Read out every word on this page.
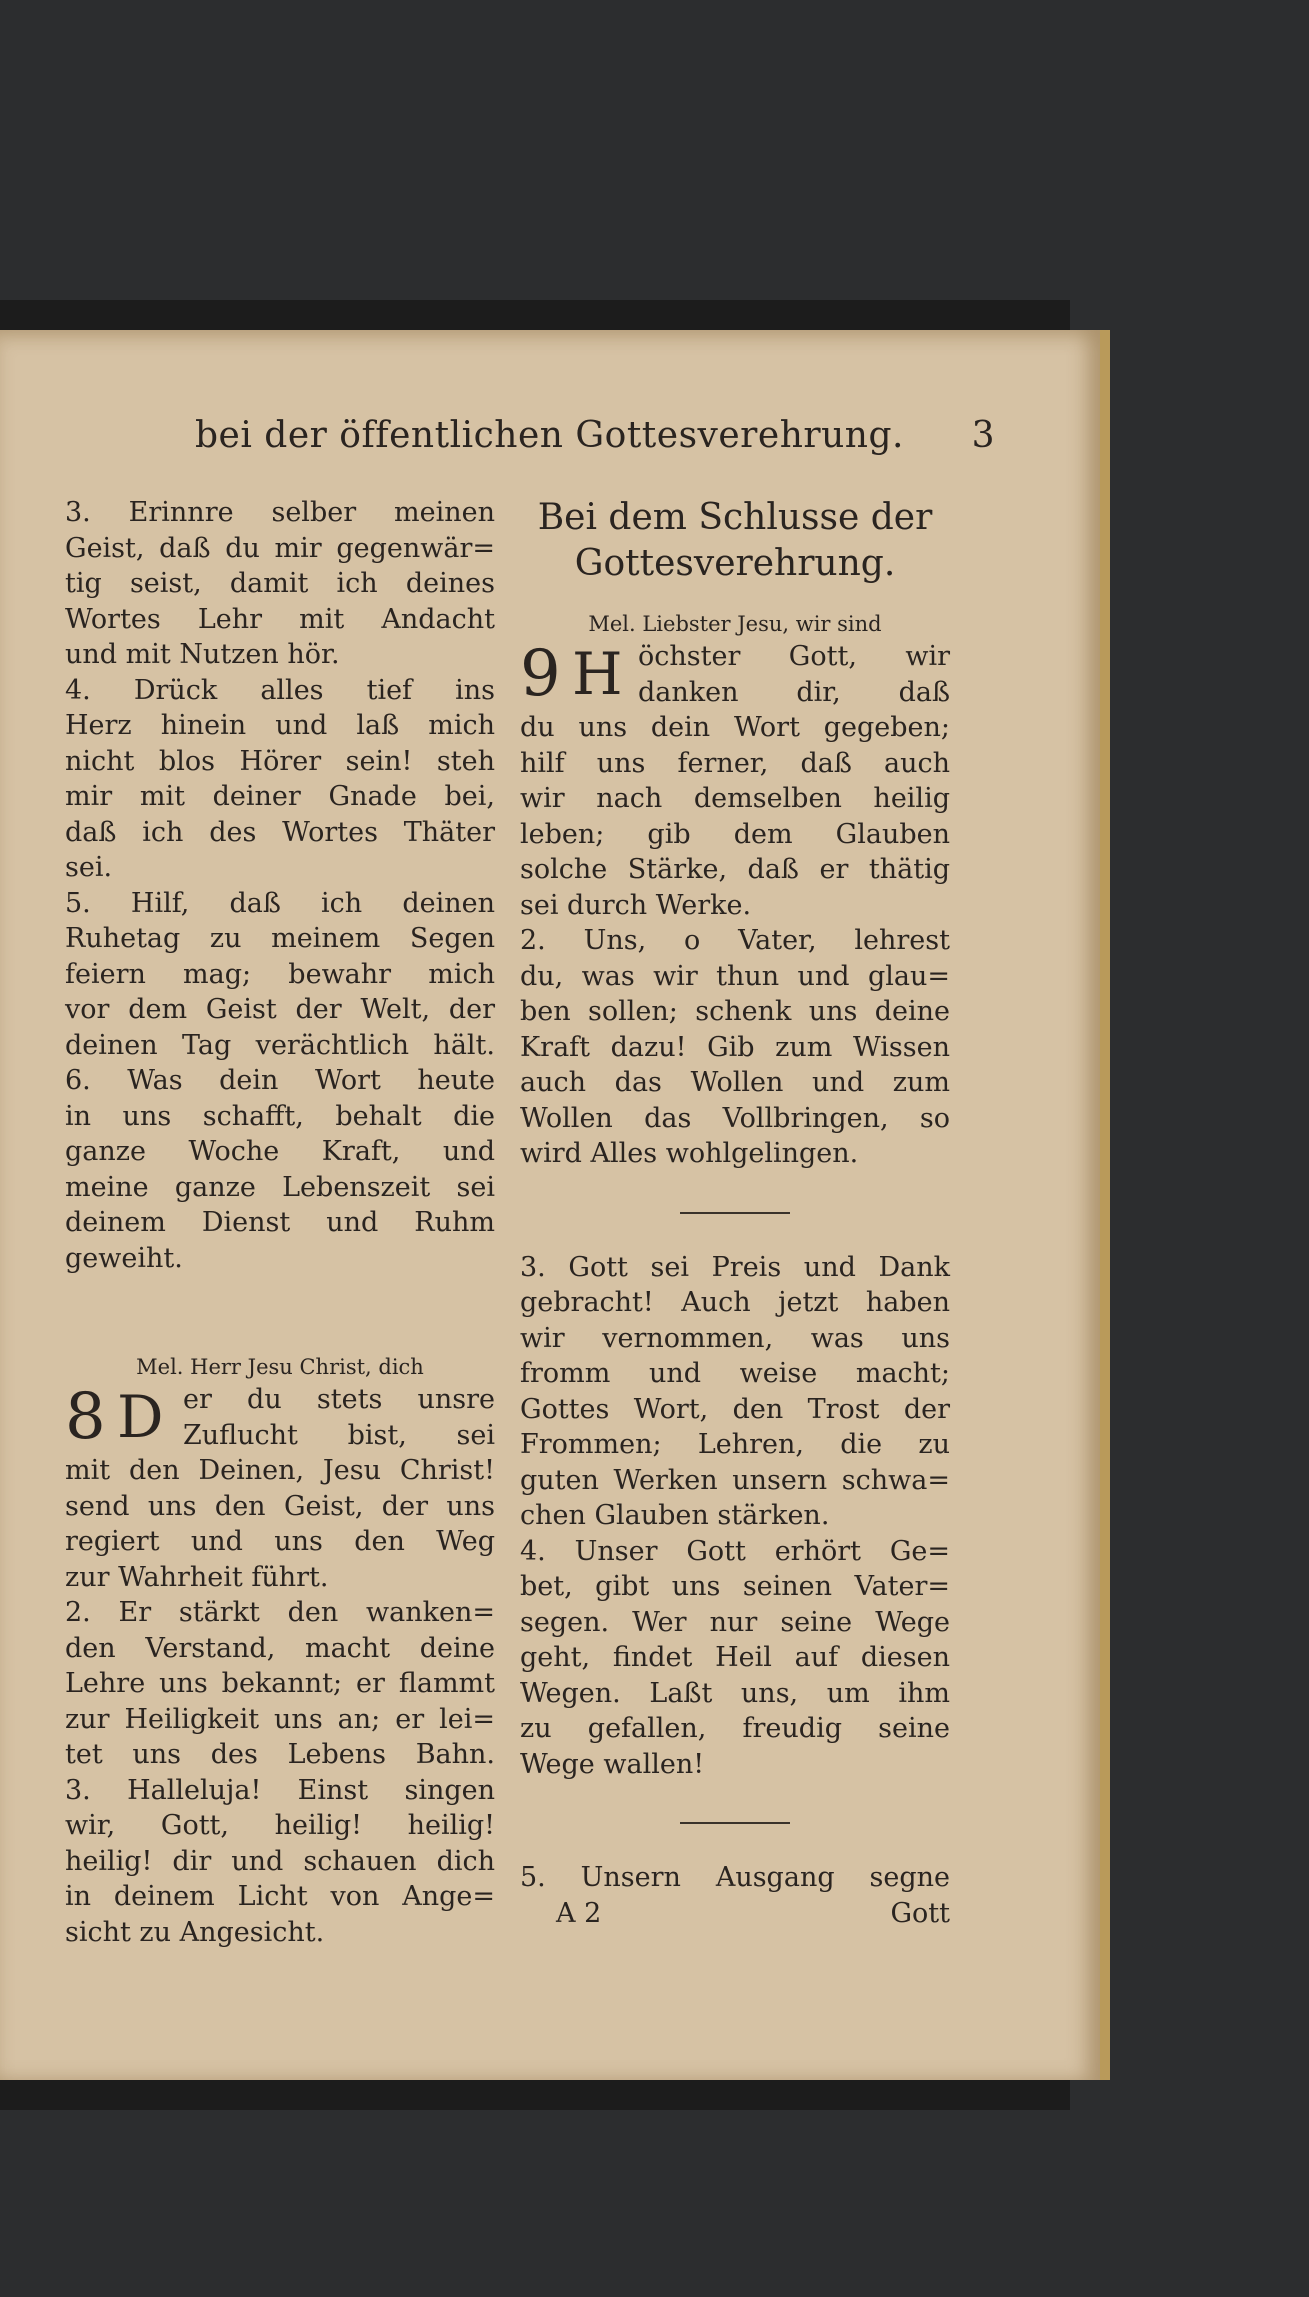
bei der öffentlichen Gottesverehrung. 3
3. Erinnre selber meinen
Geist, daß du mir gegenwär=
tig seist, damit ich deines
Wortes Lehr mit Andacht
und mit Nutzen hör.
4. Drück alles tief ins
Herz hinein und laß mich
nicht blos Hörer sein! steh
mir mit deiner Gnade bei,
daß ich des Wortes Thäter
sei.
5. Hilf, daß ich deinen
Ruhetag zu meinem Segen
feiern mag; bewahr mich
vor dem Geist der Welt, der
deinen Tag verächtlich hält.
6. Was dein Wort heute
in uns schafft, behalt die
ganze Woche Kraft, und
meine ganze Lebenszeit sei
deinem Dienst und Ruhm
geweiht.
Mel. Herr Jesu Christ, dich
8 D er du stets unsre
Zuflucht bist, sei
mit den Deinen, Jesu Christ!
send uns den Geist, der uns
regiert und uns den Weg
zur Wahrheit führt.
2. Er stärkt den wanken=
den Verstand, macht deine
Lehre uns bekannt; er flammt
zur Heiligkeit uns an; er lei=
tet uns des Lebens Bahn.
3. Halleluja! Einst singen
wir, Gott, heilig! heilig!
heilig! dir und schauen dich
in deinem Licht von Ange=
sicht zu Angesicht.
Bei dem Schlusse der
Gottesverehrung.
Mel. Liebster Jesu, wir sind
9 H öchster Gott, wir
danken dir, daß
du uns dein Wort gegeben;
hilf uns ferner, daß auch
wir nach demselben heilig
leben; gib dem Glauben
solche Stärke, daß er thätig
sei durch Werke.
2. Uns, o Vater, lehrest
du, was wir thun und glau=
ben sollen; schenk uns deine
Kraft dazu! Gib zum Wissen
auch das Wollen und zum
Wollen das Vollbringen, so
wird Alles wohlgelingen.
3. Gott sei Preis und Dank
gebracht! Auch jetzt haben
wir vernommen, was uns
fromm und weise macht;
Gottes Wort, den Trost der
Frommen; Lehren, die zu
guten Werken unsern schwa=
chen Glauben stärken.
4. Unser Gott erhört Ge=
bet, gibt uns seinen Vater=
segen. Wer nur seine Wege
geht, findet Heil auf diesen
Wegen. Laßt uns, um ihm
zu gefallen, freudig seine
Wege wallen!
5. Unsern Ausgang segne
A 2	Gott
